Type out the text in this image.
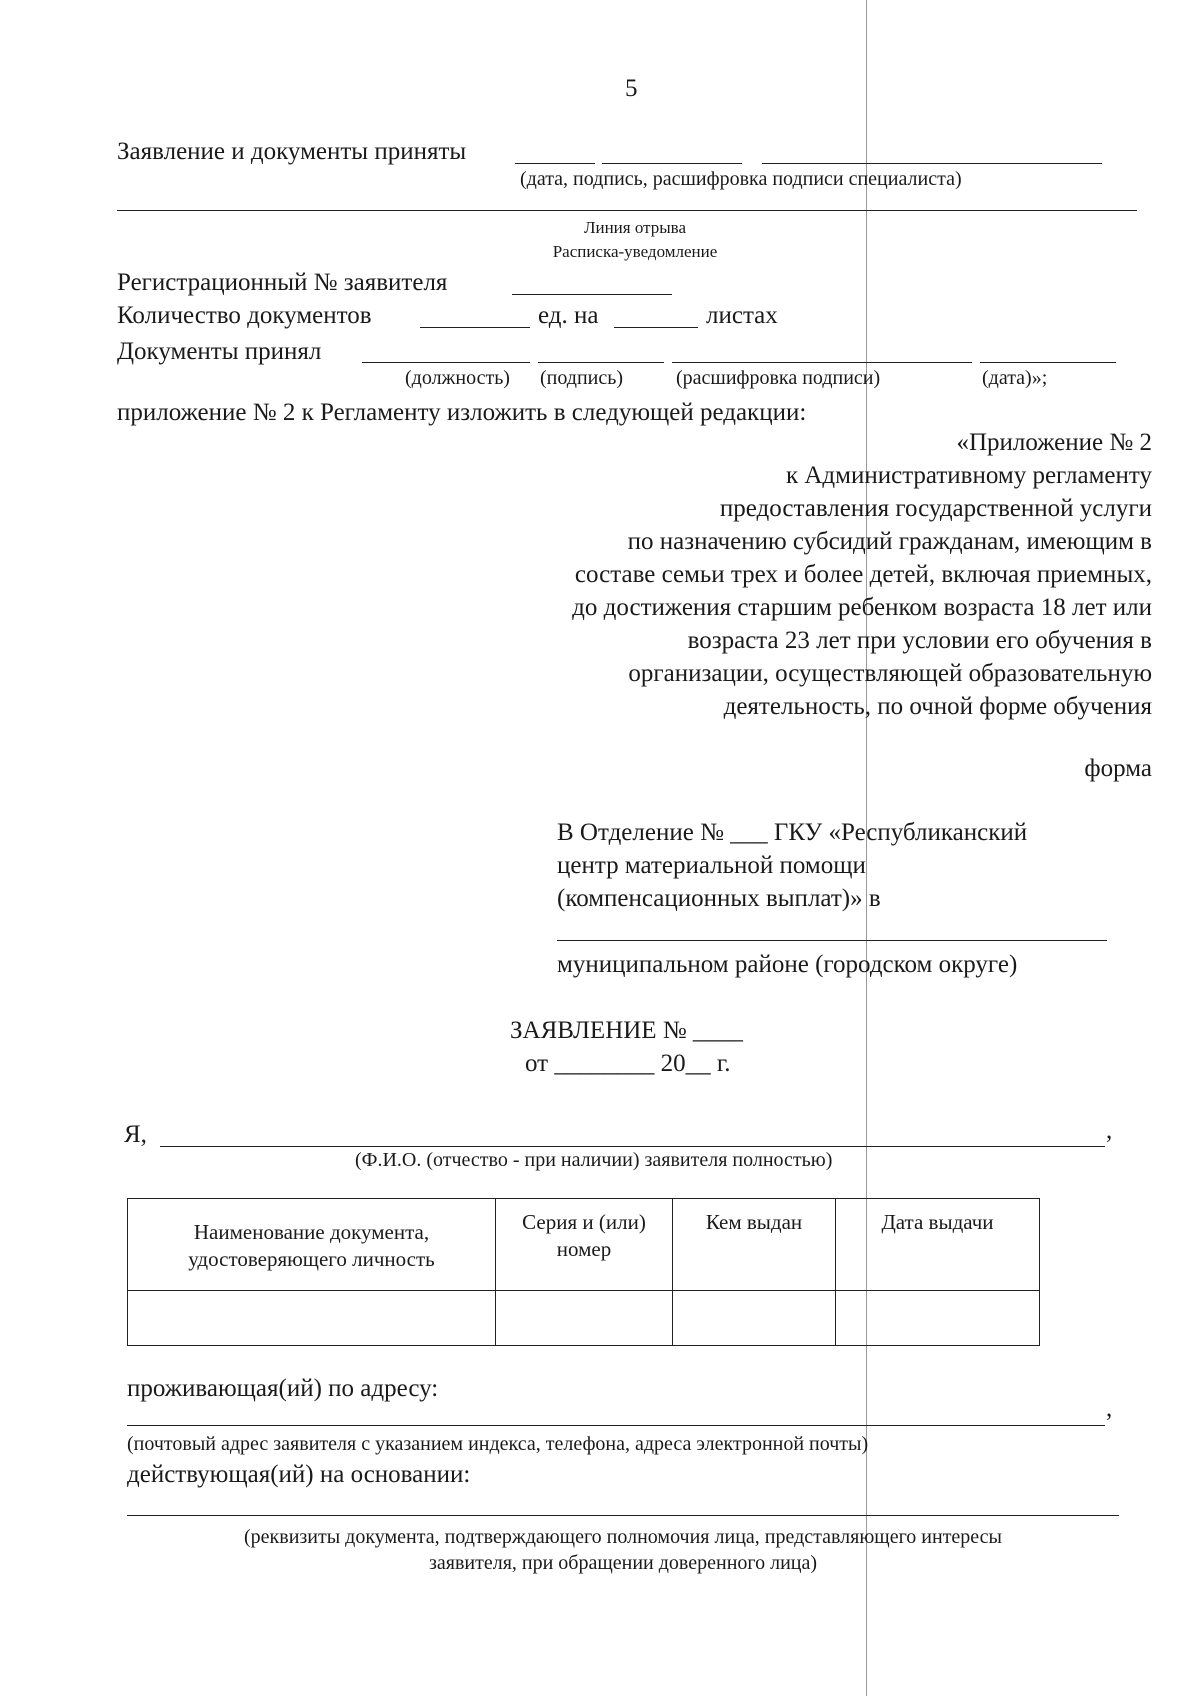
5
Заявление и документы приняты
(дата, подпись, расшифровка подписи специалиста)
Линия отрыва
Расписка-уведомление
Регистрационный № заявителя
Количество документов	ед. на	листах
Документы принял
(должность) (подпись)	(расшифровка подписи)	(дата)»;
приложение № 2 к Регламенту изложить в следующей редакции:
«Приложение № 2
к Административному регламенту
предоставления государственной услуги
по назначению субсидий гражданам, имеющим в
составе семьи трех и более детей, включая приемных,
до достижения старшим ребенком возраста 18 лет или
возраста 23 лет при условии его обучения в
организации, осуществляющей образовательную
деятельность, по очной форме обучения
форма
В Отделение № ___ ГКУ «Республиканский
центр материальной помощи
(компенсационных выплат)» в
муниципальном районе (городском округе)
ЗАЯВЛЕНИЕ № ____
от ________ 20__ г.
Я,	,
(Ф.И.О. (отчество - при наличии) заявителя полностью)
Наименование документа, удостоверяющего личность	Серия и (или) номер	Кем выдан	Дата выдачи

проживающая(ий) по адресу:
,
(почтовый адрес заявителя с указанием индекса, телефона, адреса электронной почты)
действующая(ий) на основании:
(реквизиты документа, подтверждающего полномочия лица, представляющего интересы
заявителя, при обращении доверенного лица)
